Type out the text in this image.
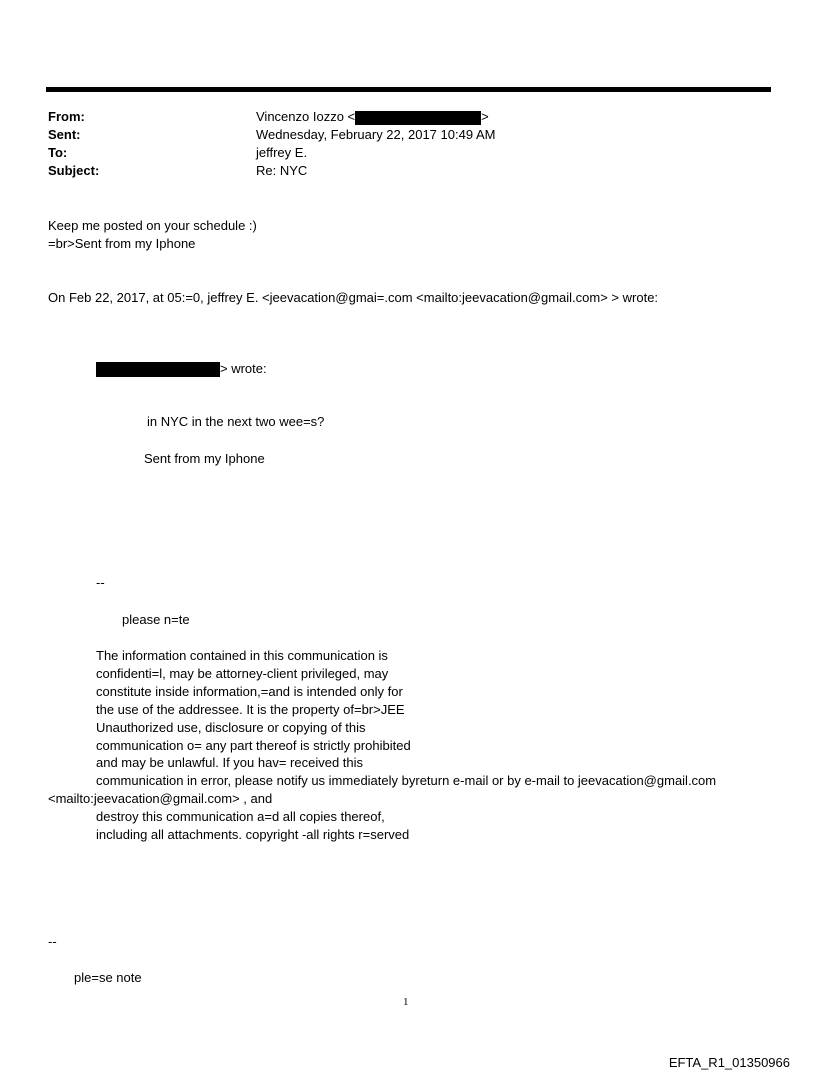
From:
Sent:
To:
Subject:
Vincenzo Iozzo <	>
Wednesday, February 22, 2017 10:49 AM
jeffrey E.
Re: NYC
Keep me posted on your schedule :)
=br>Sent from my Iphone
On Feb 22, 2017, at 05:=0, jeffrey E. <jeevacation@gmai=.com <mailto:jeevacation@gmail.com> > wrote:
> wrote:
in NYC in the next two wee=s?
Sent from my Iphone
--
please n=te
The information contained in this communication is
confidenti=l, may be attorney-client privileged, may
constitute inside information,=and is intended only for
the use of the addressee. It is the property of=br>JEE
Unauthorized use, disclosure or copying of this
communication o= any part thereof is strictly prohibited
and may be unlawful. If you hav= received this
communication in error, please notify us immediately byreturn e-mail or by e-mail to jeevacation@gmail.com
<mailto:jeevacation@gmail.com> , and
destroy this communication a=d all copies thereof,
including all attachments. copyright -all rights r=served
--
ple=se note
1
EFTA_R1_01350966
